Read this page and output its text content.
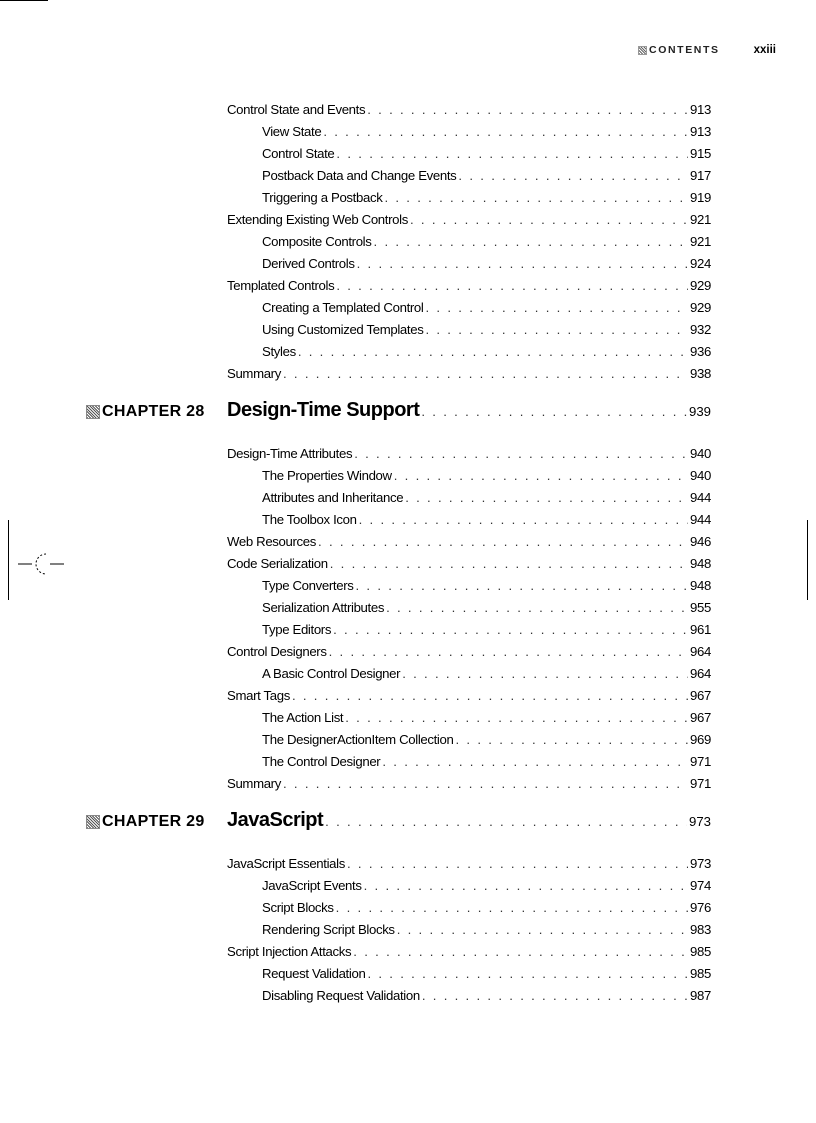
CONTENTS	xxiii
Control State and Events . . .	913
View State . . .	913
Control State . . .	915
Postback Data and Change Events . . .	917
Triggering a Postback . . .	919
Extending Existing Web Controls . . .	921
Composite Controls . . .	921
Derived Controls . . .	924
Templated Controls . . .	929
Creating a Templated Control . . .	929
Using Customized Templates . . .	932
Styles . . .	936
Summary . . .	938
CHAPTER 28 Design-Time Support . . .	939
Design-Time Attributes . . .	940
The Properties Window . . .	940
Attributes and Inheritance . . .	944
The Toolbox Icon . . .	944
Web Resources . . .	946
Code Serialization . . .	948
Type Converters . . .	948
Serialization Attributes . . .	955
Type Editors . . .	961
Control Designers . . .	964
A Basic Control Designer . . .	964
Smart Tags . . .	967
The Action List . . .	967
The DesignerActionItem Collection . . .	969
The Control Designer . . .	971
Summary . . .	971
CHAPTER 29 JavaScript . . .	973
JavaScript Essentials . . .	973
JavaScript Events . . .	974
Script Blocks . . .	976
Rendering Script Blocks . . .	983
Script Injection Attacks . . .	985
Request Validation . . .	985
Disabling Request Validation . . .	987
